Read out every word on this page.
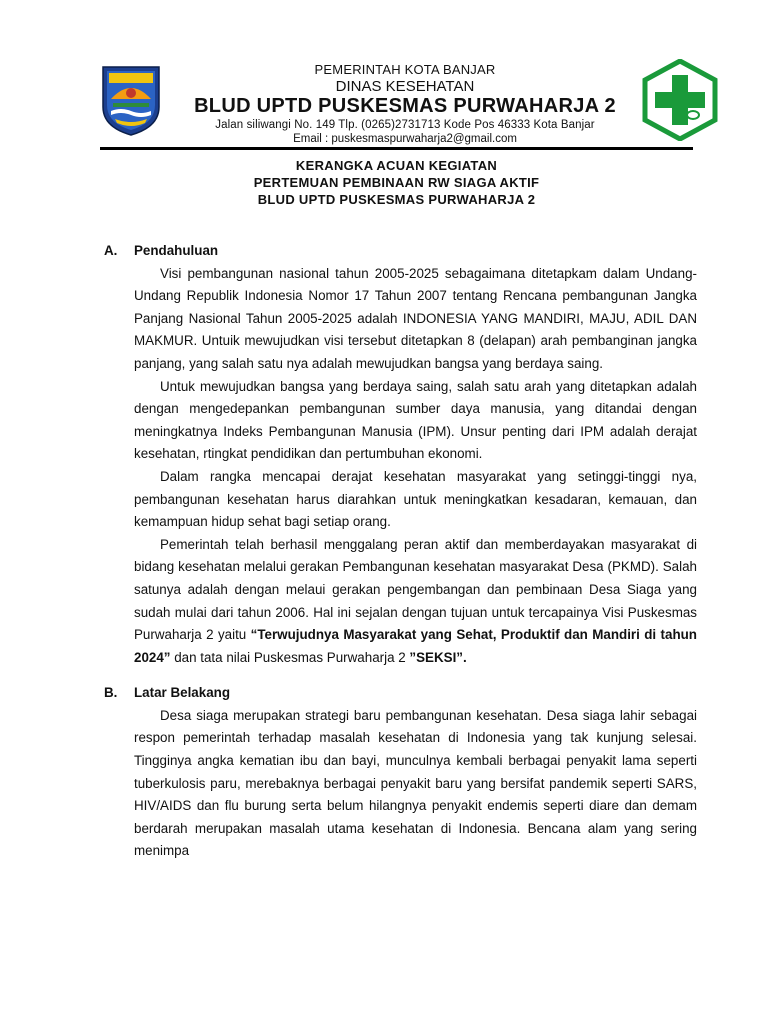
PEMERINTAH KOTA BANJAR
DINAS KESEHATAN
BLUD UPTD PUSKESMAS PURWAHARJA 2
Jalan siliwangi No. 149 Tlp. (0265)2731713 Kode Pos 46333 Kota Banjar
Email : puskesmaspurwaharja2@gmail.com
KERANGKA ACUAN KEGIATAN
PERTEMUAN PEMBINAAN RW SIAGA AKTIF
BLUD UPTD PUSKESMAS PURWAHARJA 2
A.	Pendahuluan
Visi pembangunan nasional tahun 2005-2025 sebagaimana ditetapkam dalam Undang-Undang Republik Indonesia Nomor 17 Tahun 2007 tentang Rencana pembangunan Jangka Panjang Nasional Tahun 2005-2025 adalah INDONESIA YANG MANDIRI, MAJU, ADIL DAN MAKMUR. Untuik mewujudkan visi tersebut ditetapkan 8 (delapan) arah pembanginan jangka panjang, yang salah satu nya adalah mewujudkan bangsa yang berdaya saing.
Untuk mewujudkan bangsa yang berdaya saing, salah satu arah yang ditetapkan adalah dengan mengedepankan pembangunan sumber daya manusia, yang ditandai dengan meningkatnya Indeks Pembangunan Manusia (IPM). Unsur penting dari IPM adalah derajat kesehatan, rtingkat pendidikan dan pertumbuhan ekonomi.
Dalam rangka mencapai derajat kesehatan masyarakat yang setinggi-tinggi nya, pembangunan kesehatan harus diarahkan untuk meningkatkan kesadaran, kemauan, dan kemampuan hidup sehat bagi setiap orang.
Pemerintah telah berhasil menggalang peran aktif dan memberdayakan masyarakat di bidang kesehatan melalui gerakan Pembangunan kesehatan masyarakat Desa (PKMD). Salah satunya adalah dengan melaui gerakan pengembangan dan pembinaan Desa Siaga yang sudah mulai dari tahun 2006. Hal ini sejalan dengan tujuan untuk tercapainya Visi Puskesmas Purwaharja 2 yaitu “Terwujudnya Masyarakat yang Sehat, Produktif dan Mandiri di tahun 2024” dan tata nilai Puskesmas Purwaharja 2 ”SEKSI”.
B.	Latar Belakang
Desa siaga merupakan strategi baru pembangunan kesehatan. Desa siaga lahir sebagai respon pemerintah terhadap masalah kesehatan di Indonesia yang tak kunjung selesai. Tingginya angka kematian ibu dan bayi, munculnya kembali berbagai penyakit lama seperti tuberkulosis paru, merebaknya berbagai penyakit baru yang bersifat pandemik seperti SARS, HIV/AIDS dan flu burung serta belum hilangnya penyakit endemis seperti diare dan demam berdarah merupakan masalah utama kesehatan di Indonesia. Bencana alam yang sering menimpa
